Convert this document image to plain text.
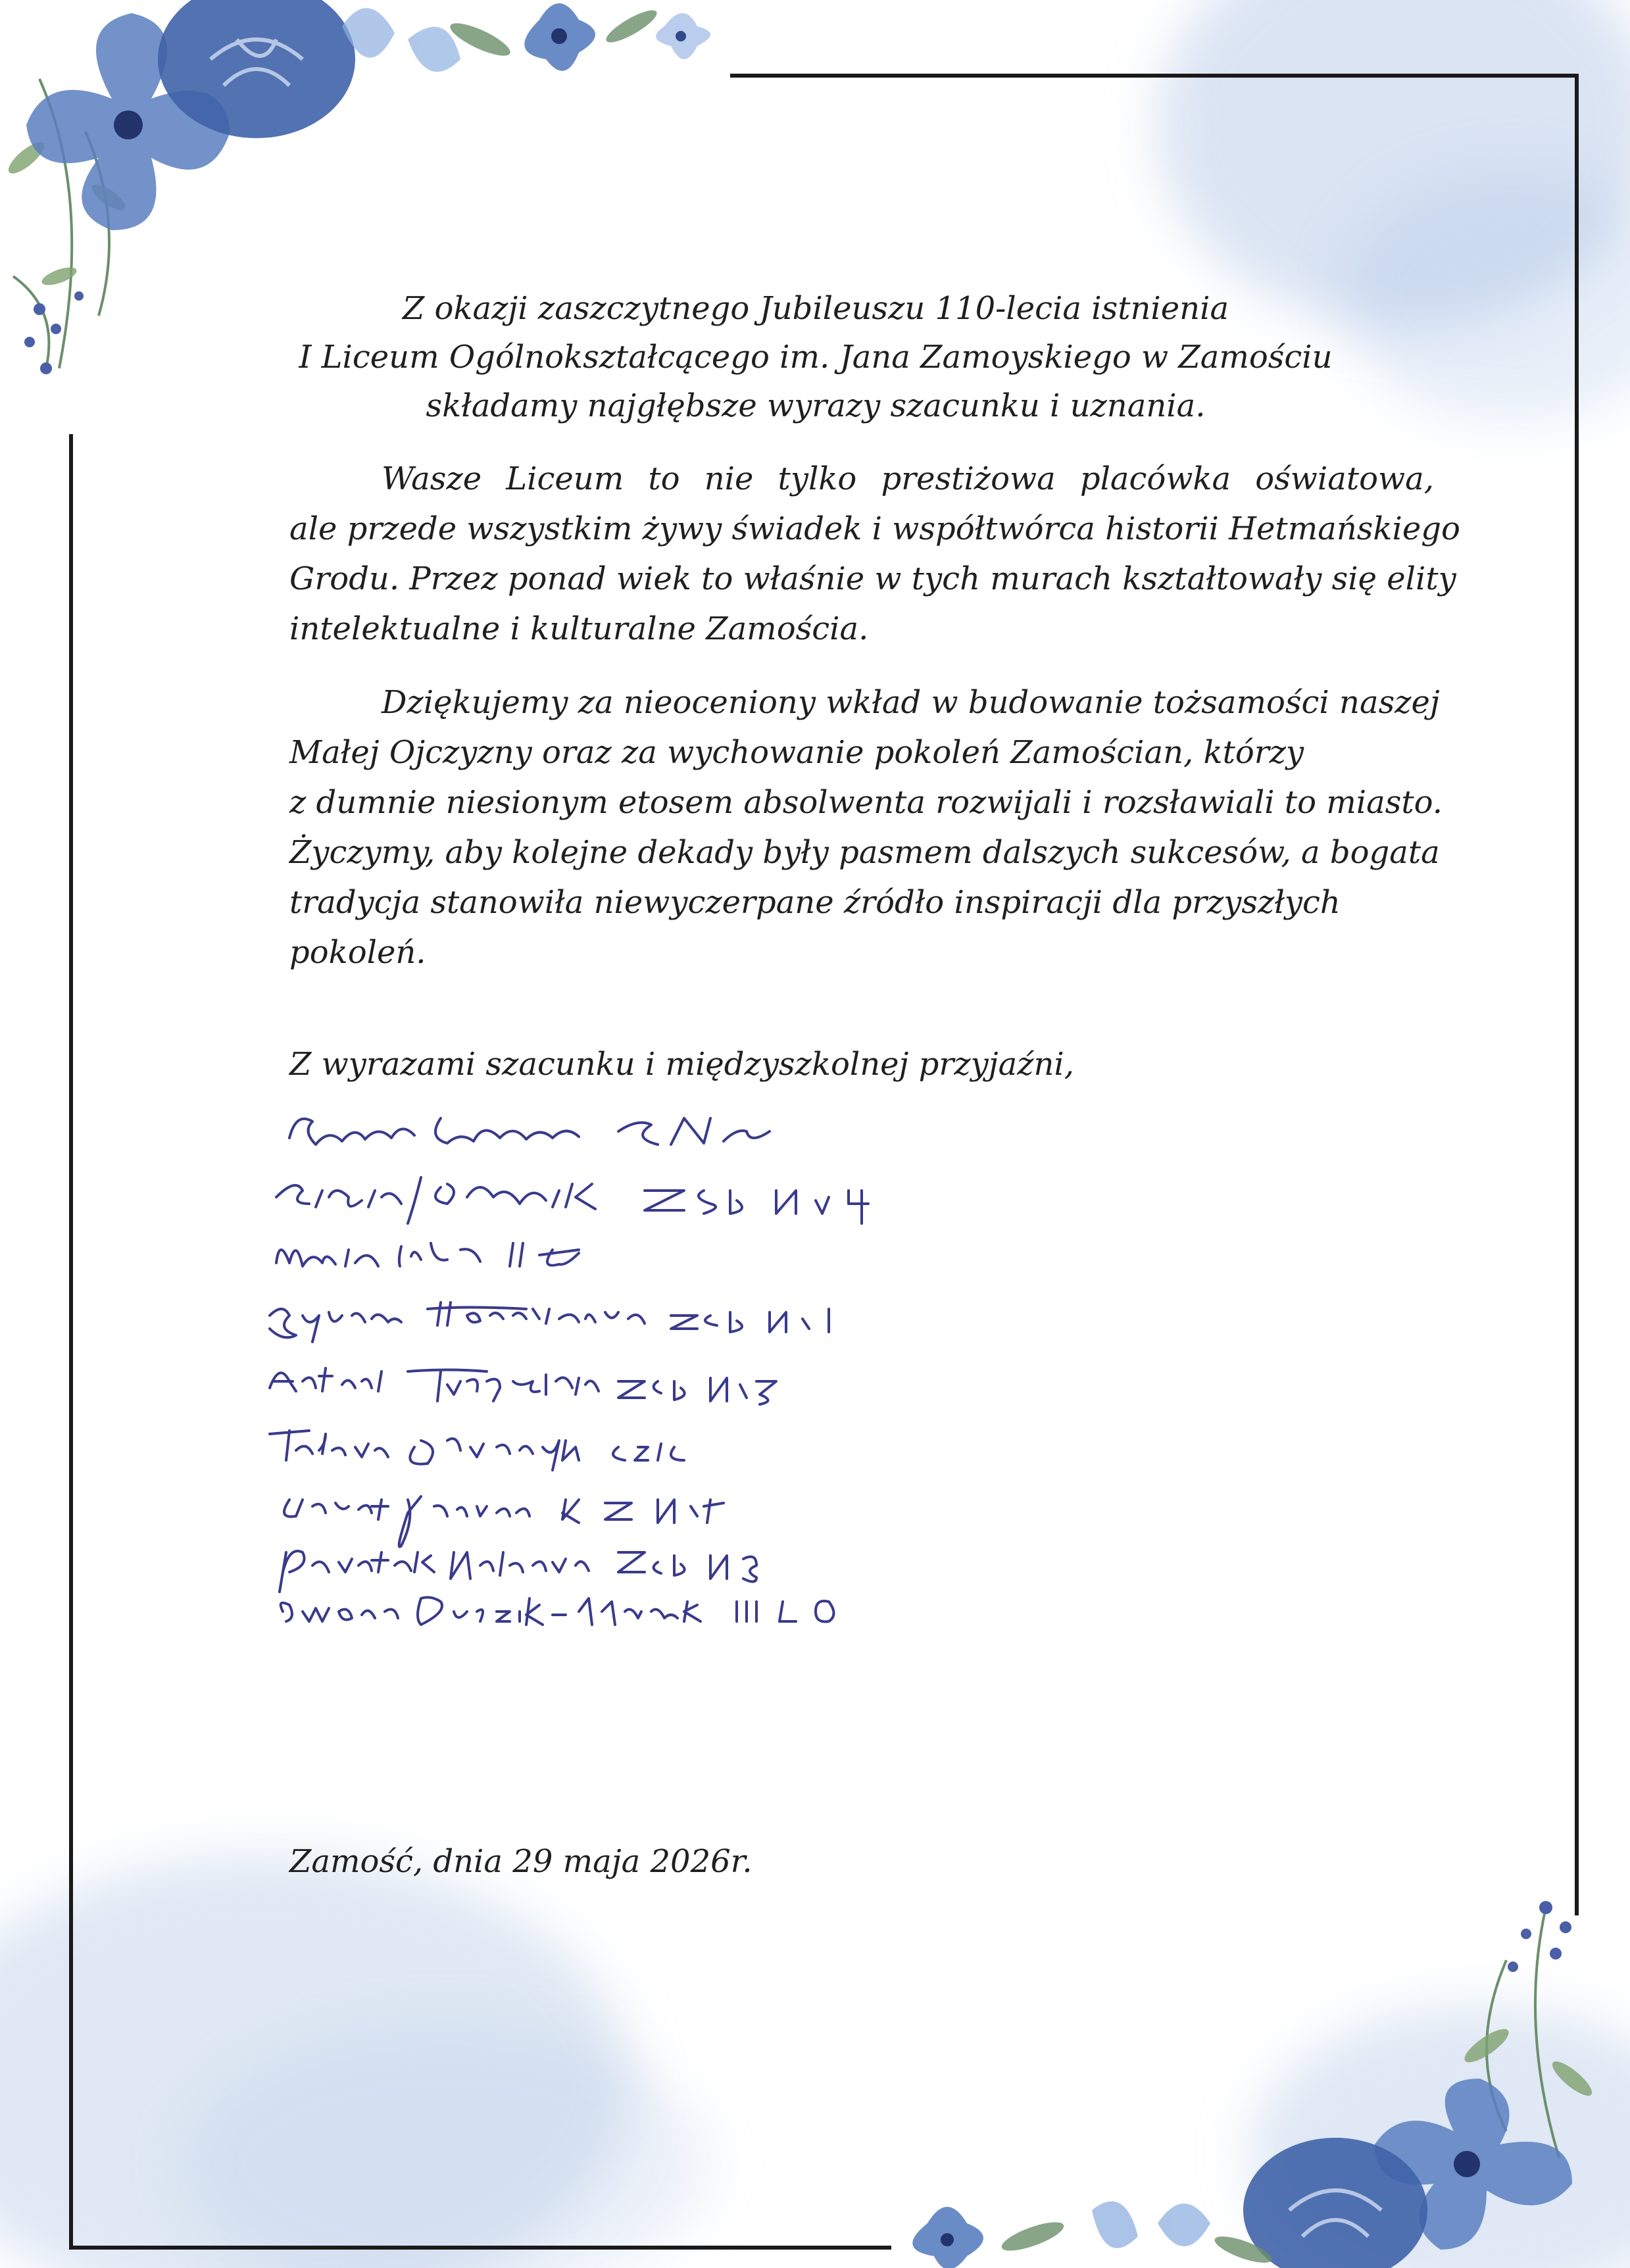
Z okazji zaszczytnego Jubileuszu 110-lecia istnienia
I Liceum Ogólnokształcącego im. Jana Zamoyskiego w Zamościu
składamy najgłębsze wyrazy szacunku i uznania.
Wasze Liceum to nie tylko prestiżowa placówka oświatowa,
ale przede wszystkim żywy świadek i współtwórca historii Hetmańskiego
Grodu. Przez ponad wiek to właśnie w tych murach kształtowały się elity
intelektualne i kulturalne Zamościa.
Dziękujemy za nieoceniony wkład w budowanie tożsamości naszej
Małej Ojczyzny oraz za wychowanie pokoleń Zamościan, którzy
z dumnie niesionym etosem absolwenta rozwijali i rozsławiali to miasto.
Życzymy, aby kolejne dekady były pasmem dalszych sukcesów, a bogata
tradycja stanowiła niewyczerpane źródło inspiracji dla przyszłych
pokoleń.

Z wyrazami szacunku i międzyszkolnej przyjaźni,

Zamość, dnia 29 maja 2026r.
